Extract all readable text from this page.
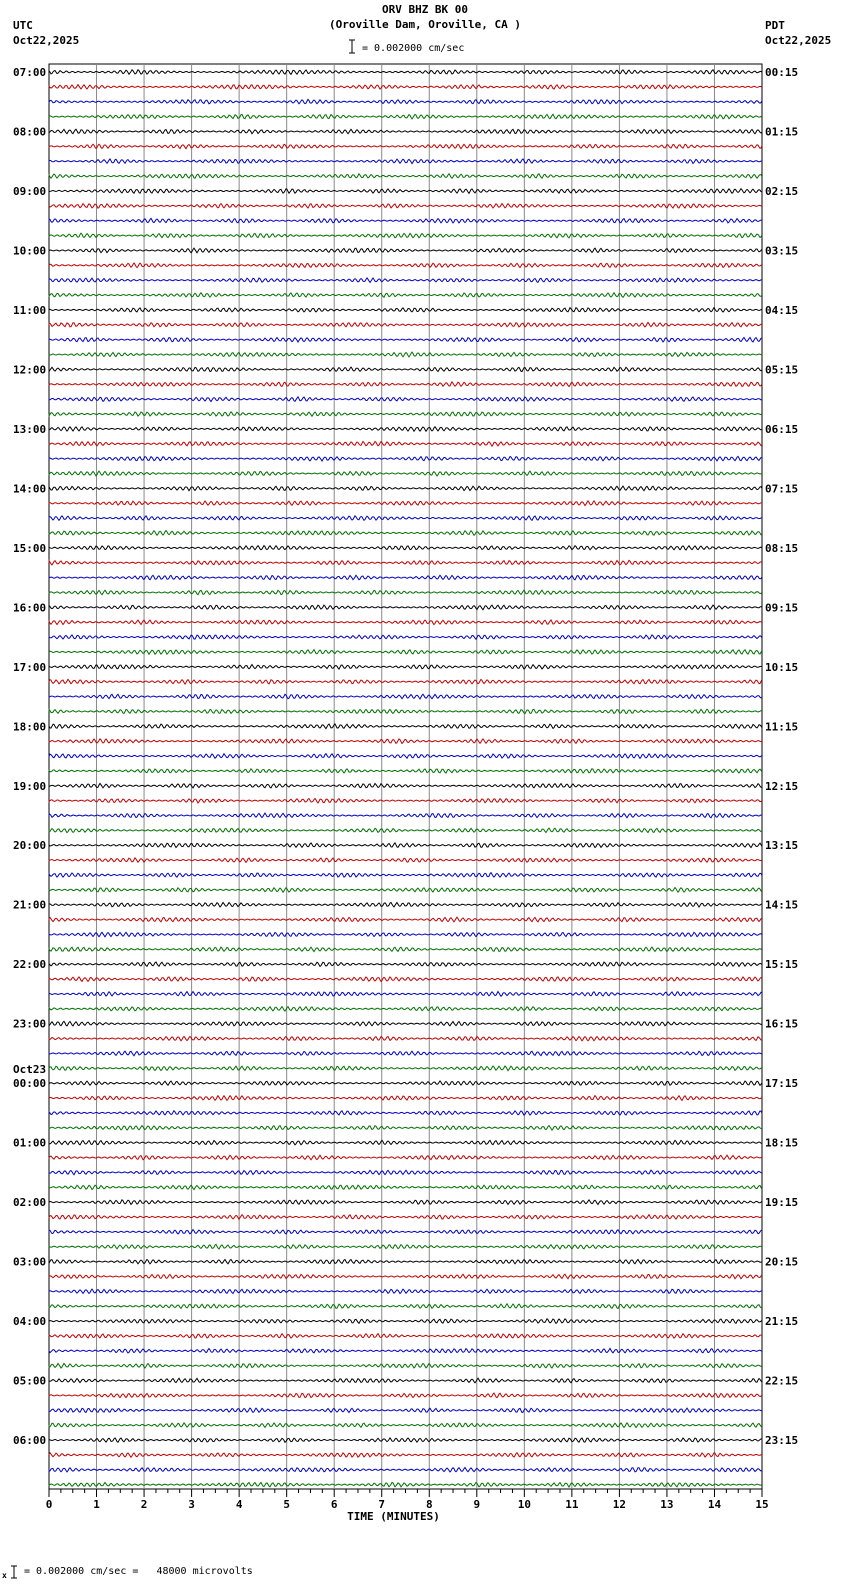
ORV BHZ BK 00
(Oroville Dam, Oroville, CA )
UTC
Oct22,2025
PDT
Oct22,2025
= 0.002000 cm/sec
x = 0.002000 cm/sec =   48000 microvolts
07:00	00:15
08:00	01:15
09:00	02:15
10:00	03:15
11:00	04:15
12:00	05:15
13:00	06:15
14:00	07:15
15:00	08:15
16:00	09:15
17:00	10:15
18:00	11:15
19:00	12:15
20:00	13:15
21:00	14:15
22:00	15:15
23:00	16:15
00:00	17:15
Oct23
01:00	18:15
02:00	19:15
03:00	20:15
04:00	21:15
05:00	22:15
06:00	23:15
0	1	2	3	4	5	6	7	8	9	10	11	12	13	14	15
TIME (MINUTES)
